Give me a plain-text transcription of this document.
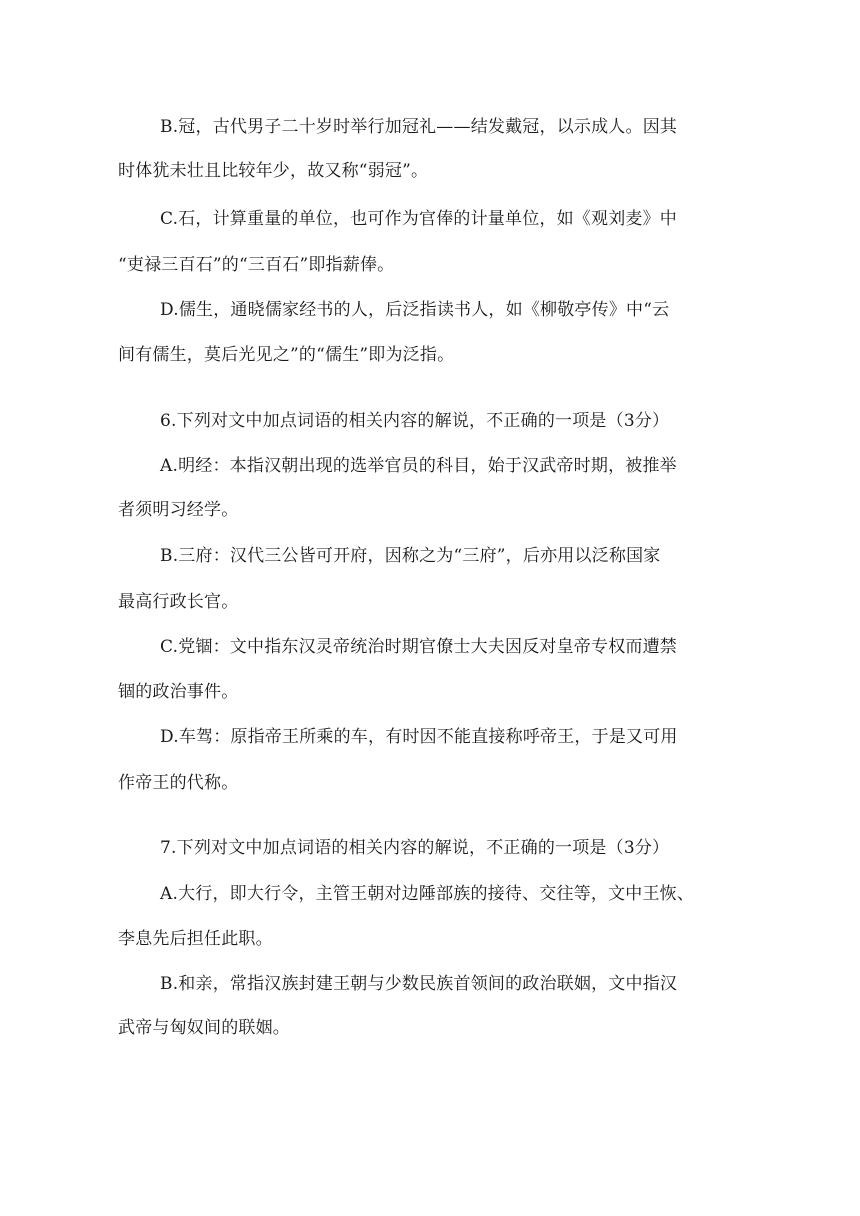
B.冠，古代男子二十岁时举行加冠礼——结发戴冠，以示成人。因其
时体犹未壮且比较年少，故又称“弱冠”。
C.石，计算重量的单位，也可作为官俸的计量单位，如《观刘麦》中
“吏禄三百石”的“三百石”即指薪俸。
D.儒生，通晓儒家经书的人，后泛指读书人，如《柳敬亭传》中“云
间有儒生，莫后光见之”的“儒生”即为泛指。
6.下列对文中加点词语的相关内容的解说，不正确的一项是（3分）
A.明经：本指汉朝出现的选举官员的科目，始于汉武帝时期，被推举
者须明习经学。
B.三府：汉代三公皆可开府，因称之为“三府”，后亦用以泛称国家
最高行政长官。
C.党锢：文中指东汉灵帝统治时期官僚士大夫因反对皇帝专权而遭禁
锢的政治事件。
D.车驾：原指帝王所乘的车，有时因不能直接称呼帝王，于是又可用
作帝王的代称。
7.下列对文中加点词语的相关内容的解说，不正确的一项是（3分）
A.大行，即大行令，主管王朝对边陲部族的接待、交往等，文中王恢、
李息先后担任此职。
B.和亲，常指汉族封建王朝与少数民族首领间的政治联姻，文中指汉
武帝与匈奴间的联姻。
